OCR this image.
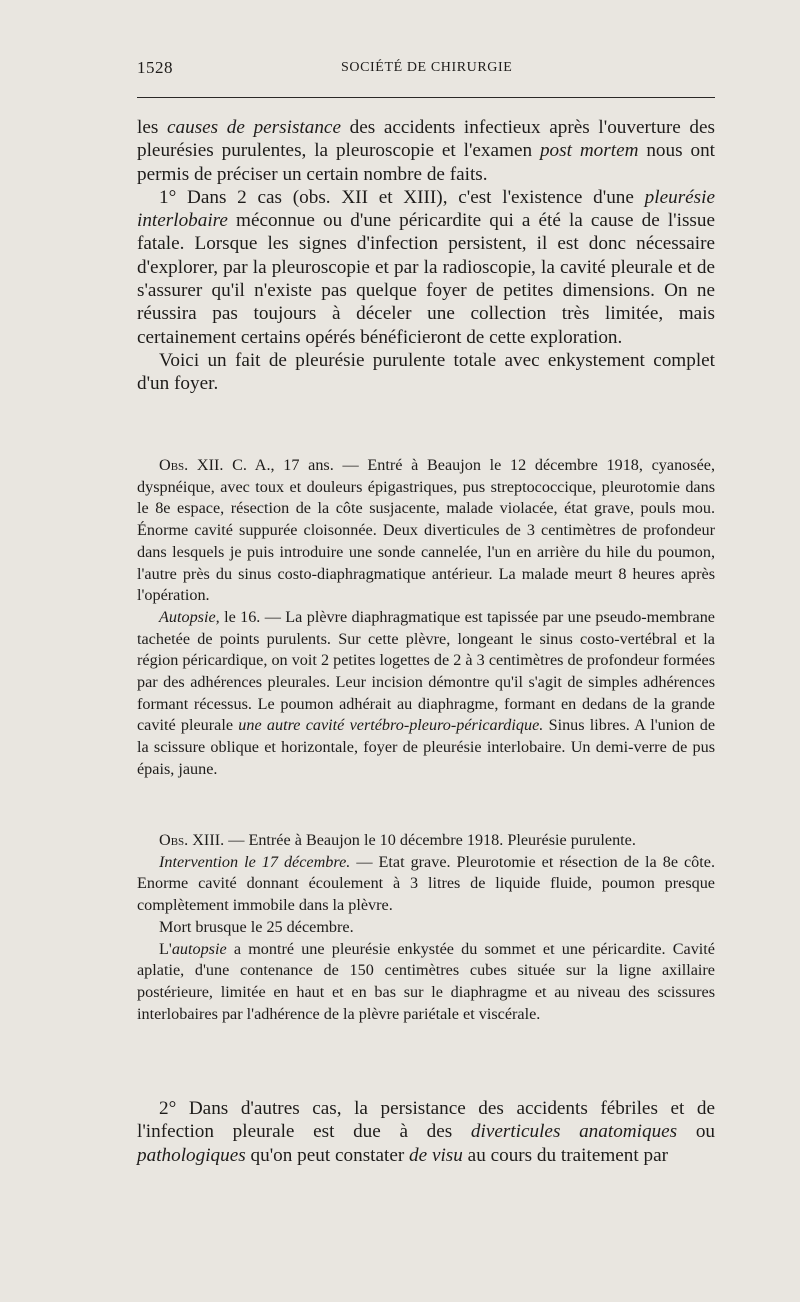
1528	SOCIÉTÉ DE CHIRURGIE

les causes de persistance des accidents infectieux après l'ouverture des pleurésies purulentes, la pleuroscopie et l'examen post mortem nous ont permis de préciser un certain nombre de faits.

1° Dans 2 cas (obs. XII et XIII), c'est l'existence d'une pleurésie interlobaire méconnue ou d'une péricardite qui a été la cause de l'issue fatale. Lorsque les signes d'infection persistent, il est donc nécessaire d'explorer, par la pleuroscopie et par la radioscopie, la cavité pleurale et de s'assurer qu'il n'existe pas quelque foyer de petites dimensions. On ne réussira pas toujours à déceler une collection très limitée, mais certainement certains opérés bénéficieront de cette exploration.

Voici un fait de pleurésie purulente totale avec enkystement complet d'un foyer.

Obs. XII. C. A., 17 ans. — Entré à Beaujon le 12 décembre 1918, cyanosée, dyspnéique, avec toux et douleurs épigastriques, pus streptococcique, pleurotomie dans le 8e espace, résection de la côte susjacente, malade violacée, état grave, pouls mou. Énorme cavité suppurée cloisonnée. Deux diverticules de 3 centimètres de profondeur dans lesquels je puis introduire une sonde cannelée, l'un en arrière du hile du poumon, l'autre près du sinus costo-diaphragmatique antérieur. La malade meurt 8 heures après l'opération.

Autopsie, le 16. — La plèvre diaphragmatique est tapissée par une pseudo-membrane tachetée de points purulents. Sur cette plèvre, longeant le sinus costo-vertébral et la région péricardique, on voit 2 petites logettes de 2 à 3 centimètres de profondeur formées par des adhérences pleurales. Leur incision démontre qu'il s'agit de simples adhérences formant récessus. Le poumon adhérait au diaphragme, formant en dedans de la grande cavité pleurale une autre cavité vertébro-pleuro-péricardique. Sinus libres. A l'union de la scissure oblique et horizontale, foyer de pleurésie interlobaire. Un demi-verre de pus épais, jaune.

Obs. XIII. — Entrée à Beaujon le 10 décembre 1918. Pleurésie purulente.

Intervention le 17 décembre. — Etat grave. Pleurotomie et résection de la 8e côte. Enorme cavité donnant écoulement à 3 litres de liquide fluide, poumon presque complètement immobile dans la plèvre.

Mort brusque le 25 décembre.

L'autopsie a montré une pleurésie enkystée du sommet et une péricardite. Cavité aplatie, d'une contenance de 150 centimètres cubes située sur la ligne axillaire postérieure, limitée en haut et en bas sur le diaphragme et au niveau des scissures interlobaires par l'adhérence de la plèvre pariétale et viscérale.

2° Dans d'autres cas, la persistance des accidents fébriles et de l'infection pleurale est due à des diverticules anatomiques ou pathologiques qu'on peut constater de visu au cours du traitement par
